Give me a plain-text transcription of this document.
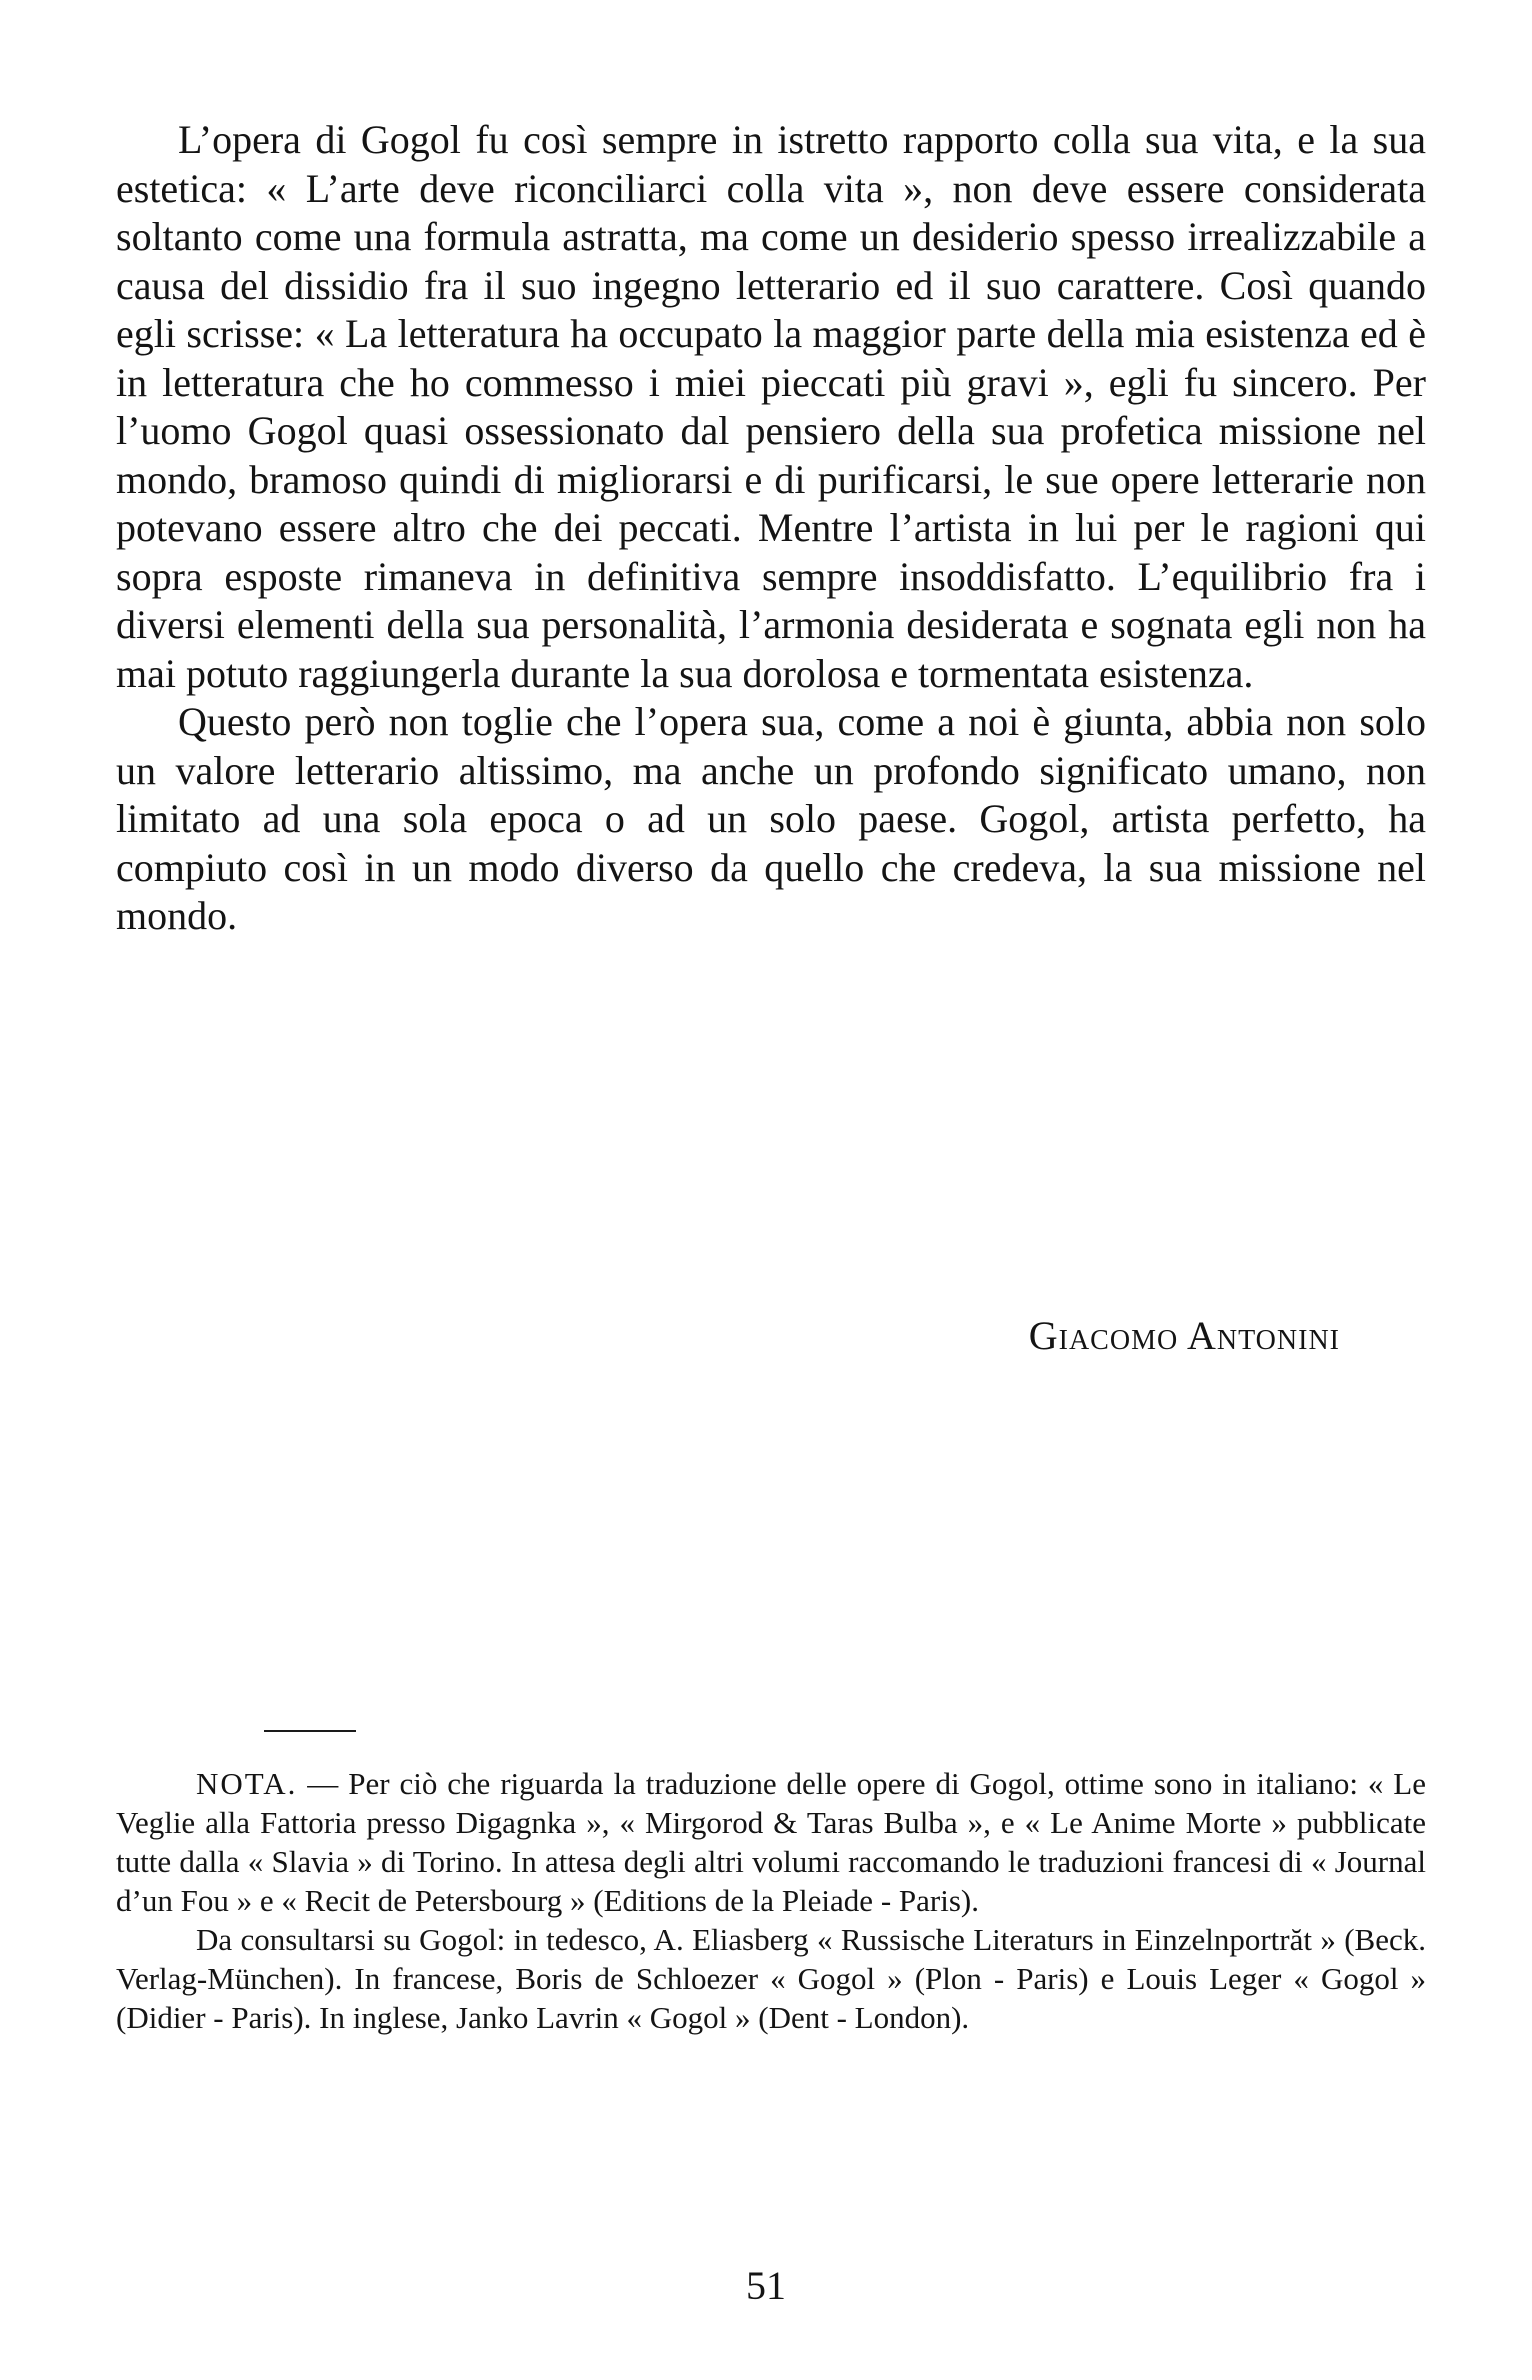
L’opera di Gogol fu così sempre in istretto rapporto colla sua vita, e la sua estetica: « L’arte deve riconciliarci colla vita », non deve essere considerata soltanto come una formula astratta, ma come un desiderio spesso irrealizzabile a causa del dissidio fra il suo ingegno letterario ed il suo carattere. Così quando egli scrisse: « La letteratura ha occupato la maggior parte della mia esistenza ed è in letteratura che ho commesso i miei pieccati più gravi », egli fu sincero. Per l’uomo Gogol quasi ossessionato dal pensiero della sua profetica missione nel mondo, bramoso quindi di migliorarsi e di purificarsi, le sue opere letterarie non potevano essere altro che dei peccati. Mentre l’artista in lui per le ragioni qui sopra esposte rimaneva in definitiva sempre insoddisfatto. L’equilibrio fra i diversi elementi della sua personalità, l’armonia desiderata e sognata egli non ha mai potuto raggiungerla durante la sua dorolosa e tormentata esistenza.

Questo però non toglie che l’opera sua, come a noi è giunta, abbia non solo un valore letterario altissimo, ma anche un profondo significato umano, non limitato ad una sola epoca o ad un solo paese. Gogol, artista perfetto, ha compiuto così in un modo diverso da quello che credeva, la sua missione nel mondo.

Giacomo Antonini

NOTA. — Per ciò che riguarda la traduzione delle opere di Gogol, ottime sono in italiano: « Le Veglie alla Fattoria presso Digagnka », « Mirgorod & Taras Bulba », e « Le Anime Morte » pubblicate tutte dalla « Slavia » di Torino. In attesa degli altri volumi raccomando le traduzioni francesi di « Journal d’un Fou » e « Recit de Petersbourg » (Editions de la Pleiade - Paris).

Da consultarsi su Gogol: in tedesco, A. Eliasberg « Russische Literaturs in Einzelnportrăt » (Beck. Verlag-München). In francese, Boris de Schloezer « Gogol » (Plon - Paris) e Louis Leger « Gogol » (Didier - Paris). In inglese, Janko Lavrin « Gogol » (Dent - London).

51
